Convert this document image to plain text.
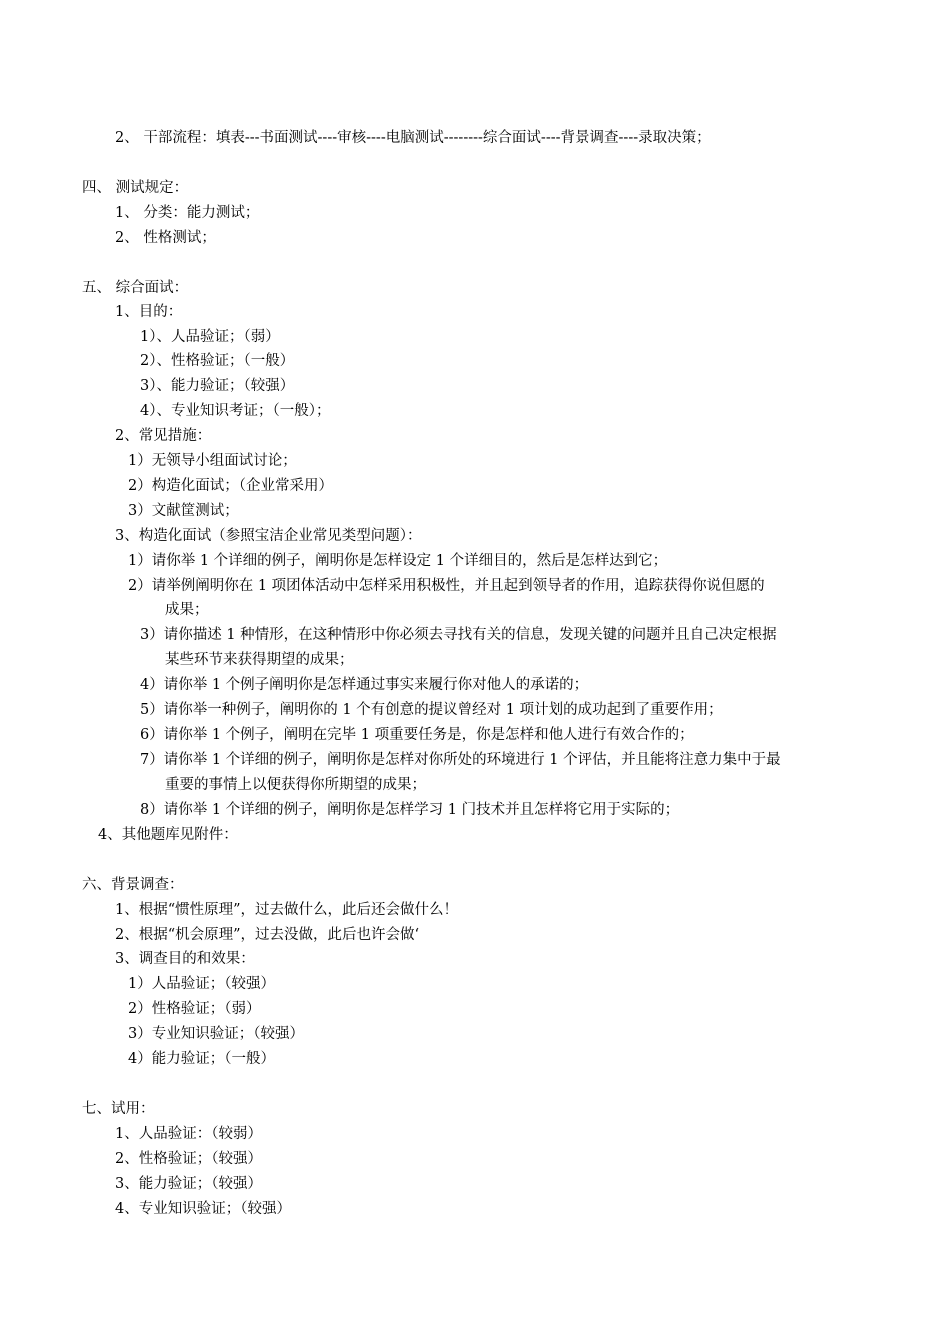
2、 干部流程：填表---书面测试----审核----电脑测试--------综合面试----背景调查----录取决策；
四、 测试规定：
1、 分类：能力测试；
2、 性格测试；
五、 综合面试：
1、目的：
1）、人品验证；（弱）
2）、性格验证；（一般）
3）、能力验证；（较强）
4）、专业知识考证；（一般）；
2、常见措施：
1）无领导小组面试讨论；
2）构造化面试；（企业常采用）
3）文献筐测试；
3、构造化面试（参照宝洁企业常见类型问题）：
1）请你举 1 个详细的例子，阐明你是怎样设定 1 个详细目的，然后是怎样达到它；
2）请举例阐明你在 1 项团体活动中怎样采用积极性，并且起到领导者的作用，追踪获得你说但愿的
成果；
3）请你描述 1 种情形，在这种情形中你必须去寻找有关的信息，发现关键的问题并且自己决定根据
某些环节来获得期望的成果；
4）请你举 1 个例子阐明你是怎样通过事实来履行你对他人的承诺的；
5）请你举一种例子，阐明你的 1 个有创意的提议曾经对 1 项计划的成功起到了重要作用；
6）请你举 1 个例子，阐明在完毕 1 项重要任务是，你是怎样和他人进行有效合作的；
7）请你举 1 个详细的例子，阐明你是怎样对你所处的环境进行 1 个评估，并且能将注意力集中于最
重要的事情上以便获得你所期望的成果；
8）请你举 1 个详细的例子，阐明你是怎样学习 1 门技术并且怎样将它用于实际的；
4、其他题库见附件：
六、背景调查：
1、根据“惯性原理”，过去做什么，此后还会做什么！
2、根据“机会原理”，过去没做，此后也许会做‘
3、调查目的和效果：
1）人品验证；（较强）
2）性格验证；（弱）
3）专业知识验证；（较强）
4）能力验证；（一般）
七、试用：
1、人品验证：（较弱）
2、性格验证；（较强）
3、能力验证；（较强）
4、专业知识验证；（较强）
